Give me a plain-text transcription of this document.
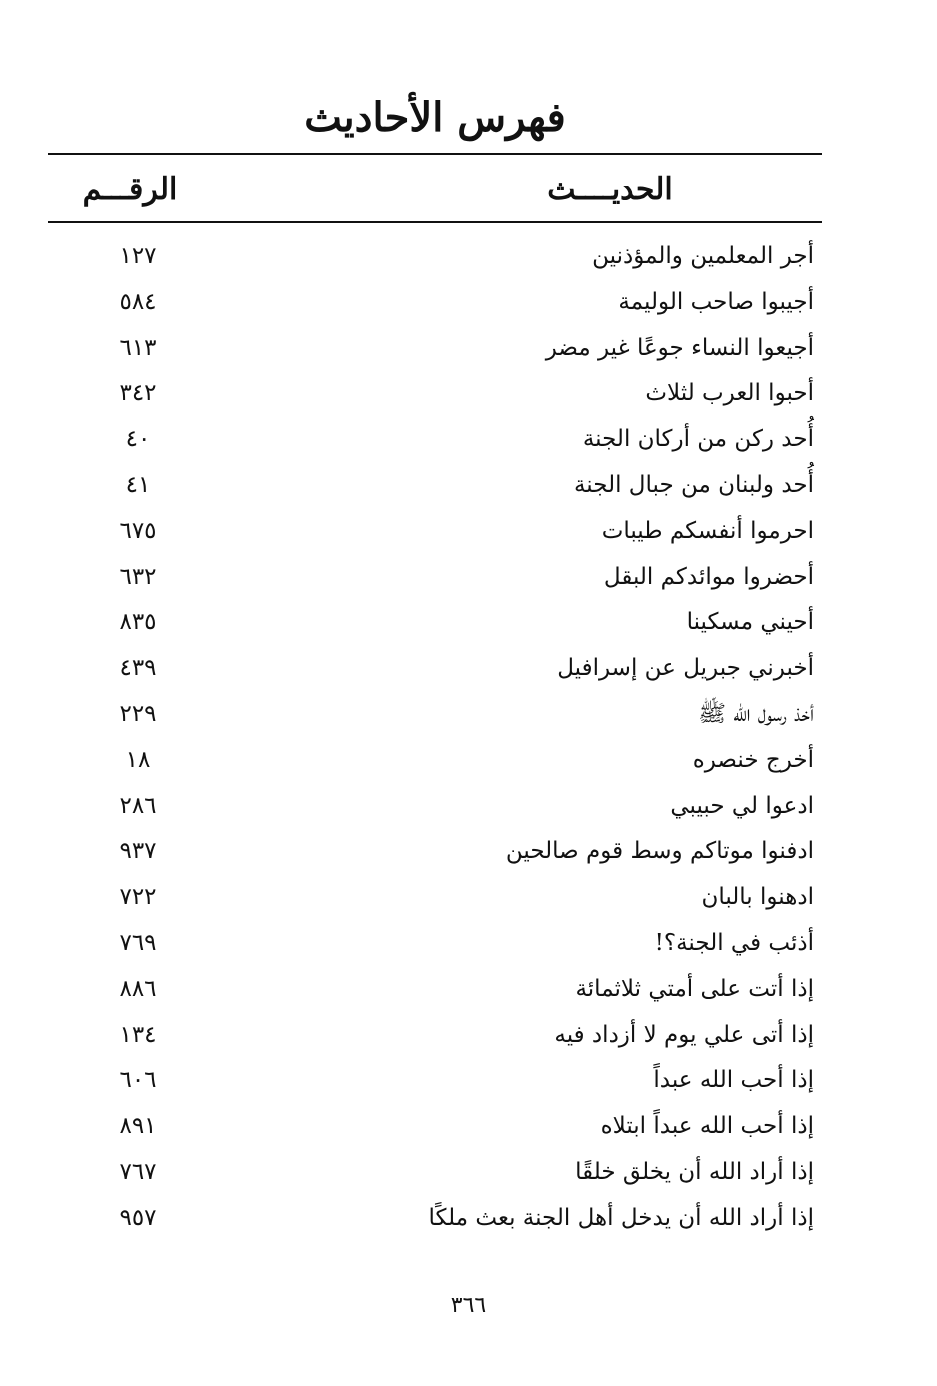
فهرس الأحاديث
الحديــــث
الرقـــم
أجر المعلمين والمؤذنين
١٢٧
أجيبوا صاحب الوليمة
٥٨٤
أجيعوا النساء جوعًا غير مضر
٦١٣
أحبوا العرب لثلاث
٣٤٢
أُحد ركن من أركان الجنة
٤٠
أُحد ولبنان من جبال الجنة
٤١
احرموا أنفسكم طيبات
٦٧٥
أحضروا موائدكم البقل
٦٣٢
أحيني مسكينا
٨٣٥
أخبرني جبريل عن إسرافيل
٤٣٩
أخذ رسول الله ﷺ
٢٢٩
أخرج خنصره
١٨
ادعوا لي حبيبي
٢٨٦
ادفنوا موتاكم وسط قوم صالحين
٩٣٧
ادهنوا بالبان
٧٢٢
أذئب في الجنة؟!
٧٦٩
إذا أتت على أمتي ثلاثمائة
٨٨٦
إذا أتى علي يوم لا أزداد فيه
١٣٤
إذا أحب الله عبداً
٦٠٦
إذا أحب الله عبداً ابتلاه
٨٩١
إذا أراد الله أن يخلق خلقًا
٧٦٧
إذا أراد الله أن يدخل أهل الجنة بعث ملكًا
٩٥٧
٣٦٦
